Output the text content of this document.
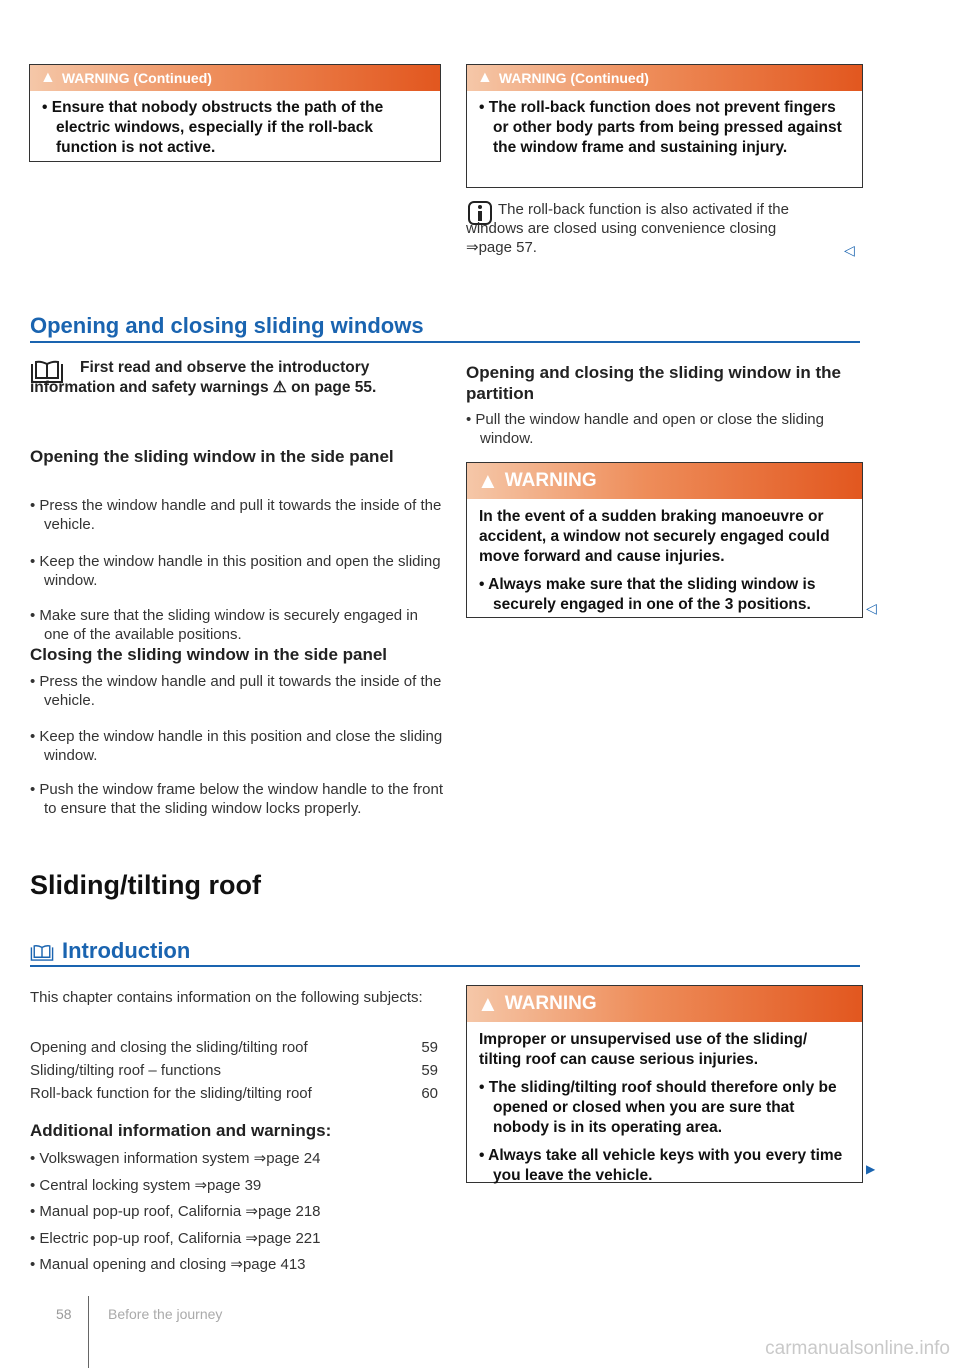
▲ WARNING (Continued)

• Ensure that nobody obstructs the path of the electric windows, especially if the roll-back function is not active.

▲ WARNING (Continued)

• The roll-back function does not prevent fingers or other body parts from being pressed against the window frame and sustaining injury.

The roll-back function is also activated if the windows are closed using convenience closing ⇒page 57.	◁
Opening and closing sliding windows
First read and observe the introductory information and safety warnings ⚠ on page 55.
Opening the sliding window in the side panel
• Press the window handle and pull it towards the inside of the vehicle.
• Keep the window handle in this position and open the sliding window.
• Make sure that the sliding window is securely engaged in one of the available positions.
Closing the sliding window in the side panel
• Press the window handle and pull it towards the inside of the vehicle.
• Keep the window handle in this position and close the sliding window.
• Push the window frame below the window handle to the front to ensure that the sliding window locks properly.
Opening and closing the sliding window in the partition
• Pull the window handle and open or close the sliding window.
▲ WARNING

In the event of a sudden braking manoeuvre or accident, a window not securely engaged could move forward and cause injuries.

• Always make sure that the sliding window is securely engaged in one of the 3 positions.	◁
Sliding/tilting roof
Introduction
This chapter contains information on the following subjects:
Opening and closing the sliding/tilting roof	59
Sliding/tilting roof – functions	59
Roll-back function for the sliding/tilting roof	60
Additional information and warnings:
• Volkswagen information system ⇒page 24
• Central locking system ⇒page 39
• Manual pop-up roof, California ⇒page 218
• Electric pop-up roof, California ⇒page 221
• Manual opening and closing ⇒page 413
▲ WARNING

Improper or unsupervised use of the sliding/ tilting roof can cause serious injuries.

• The sliding/tilting roof should therefore only be opened or closed when you are sure that nobody is in its operating area.

• Always take all vehicle keys with you every time you leave the vehicle.	▶
58	Before the journey
carmanualsonline.info
